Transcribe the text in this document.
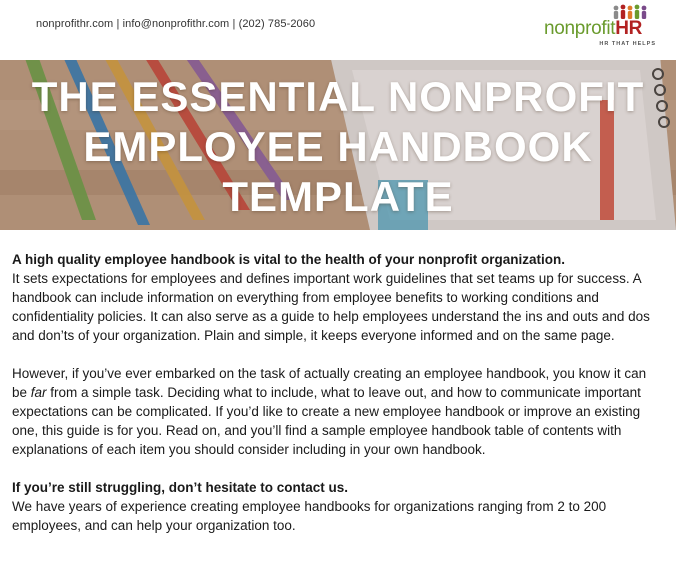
nonprofithr.com | info@nonprofithr.com | (202) 785-2060	nonprofitHR
HR THAT HELPS
THE ESSENTIAL NONPROFIT
EMPLOYEE HANDBOOK
TEMPLATE

A high quality employee handbook is vital to the health of your nonprofit organization.
It sets expectations for employees and defines important work guidelines that set teams up for success. A handbook can include information on everything from employee benefits to working conditions and confidentiality policies. It can also serve as a guide to help employees understand the ins and outs and dos and don’ts of your organization. Plain and simple, it keeps everyone informed and on the same page.

However, if you’ve ever embarked on the task of actually creating an employee handbook, you know it can be far from a simple task. Deciding what to include, what to leave out, and how to communicate important expectations can be complicated. If you’d like to create a new employee handbook or improve an existing one, this guide is for you. Read on, and you’ll find a sample employee handbook table of contents with explanations of each item you should consider including in your own handbook.

If you’re still struggling, don’t hesitate to contact us.
We have years of experience creating employee handbooks for organizations ranging from 2 to 200 employees, and can help your organization too.
